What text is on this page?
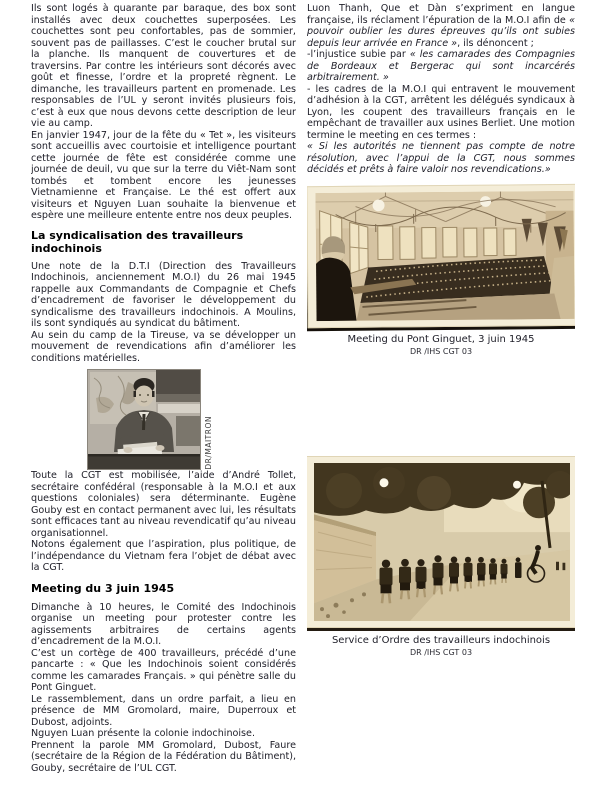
Ils sont logés à quarante par baraque, des box sont installés avec deux couchettes superposées. Les couchettes sont peu confortables, pas de sommier, souvent pas de paillasses. C’est le coucher brutal sur la planche. Ils manquent de couvertures et de traversins. Par contre les intérieurs sont décorés avec goût et finesse, l’ordre et la propreté règnent. Le dimanche, les travailleurs partent en promenade. Les responsables de l’UL y seront invités plusieurs fois, c’est à eux que nous devons cette description de leur vie au camp.

En janvier 1947, jour de la fête du « Tet », les visiteurs sont accueillis avec courtoisie et intelligence pourtant cette journée de fête est considérée comme une journée de deuil, vu que sur la terre du Viêt-Nam sont tombés et tombent encore les jeunesses Vietnamienne et Française. Le thé est offert aux visiteurs et Nguyen Luan souhaite la bienvenue et espère une meilleure entente entre nos deux peuples.

La syndicalisation des travailleurs indochinois

Une note de la D.T.I (Direction des Travailleurs Indochinois, anciennement M.O.I) du 26 mai 1945 rappelle aux Commandants de Compagnie et Chefs d’encadrement de favoriser le développement du syndicalisme des travailleurs indochinois. A Moulins, ils sont syndiqués au syndicat du bâtiment.

Au sein du camp de la Tireuse, va se développer un mouvement de revendications afin d’améliorer les conditions matérielles.

DR/MAITRON

Toute la CGT est mobilisée, l’aide d’André Tollet, secrétaire confédéral (responsable à la M.O.I et aux questions coloniales) sera déterminante. Eugène Gouby est en contact permanent avec lui, les résultats sont efficaces tant au niveau revendicatif qu’au niveau organisationnel.

Notons également que l’aspiration, plus politique, de l’indépendance du Vietnam fera l’objet de débat avec la CGT.

Meeting du 3 juin 1945

Dimanche à 10 heures, le Comité des Indochinois organise un meeting pour protester contre les agissements arbitraires de certains agents d’encadrement de la M.O.I.

C’est un cortège de 400 travailleurs, précédé d’une pancarte : « Que les Indochinois soient considérés comme les camarades Français. » qui pénètre salle du Pont Ginguet.

Le rassemblement, dans un ordre parfait, a lieu en présence de MM Gromolard, maire, Duperroux et Dubost, adjoints.

Nguyen Luan présente la colonie indochinoise.

Prennent la parole MM Gromolard, Dubost, Faure (secrétaire de la Région de la Fédération du Bâtiment), Gouby, secrétaire de l’UL CGT.

Luon Thanh, Que et Dàn s’expriment en langue française, ils réclament l’épuration de la M.O.I afin de « pouvoir oublier les dures épreuves qu’ils ont subies depuis leur arrivée en France », ils dénoncent ;

-l’injustice subie par « les camarades des Compagnies de Bordeaux et Bergerac qui sont incarcérés arbitrairement. »

- les cadres de la M.O.I qui entravent le mouvement d’adhésion à la CGT, arrêtent les délégués syndicaux à Lyon, les coupent des travailleurs français en le empêchant de travailler aux usines Berliet. Une motion termine le meeting en ces termes :

« Si les autorités ne tiennent pas compte de notre résolution, avec l’appui de la CGT, nous sommes décidés et prêts à faire valoir nos revendications.»

Meeting du Pont Ginguet, 3 juin 1945
DR /IHS CGT 03
Service d’Ordre des travailleurs indochinois
DR /IHS CGT 03
